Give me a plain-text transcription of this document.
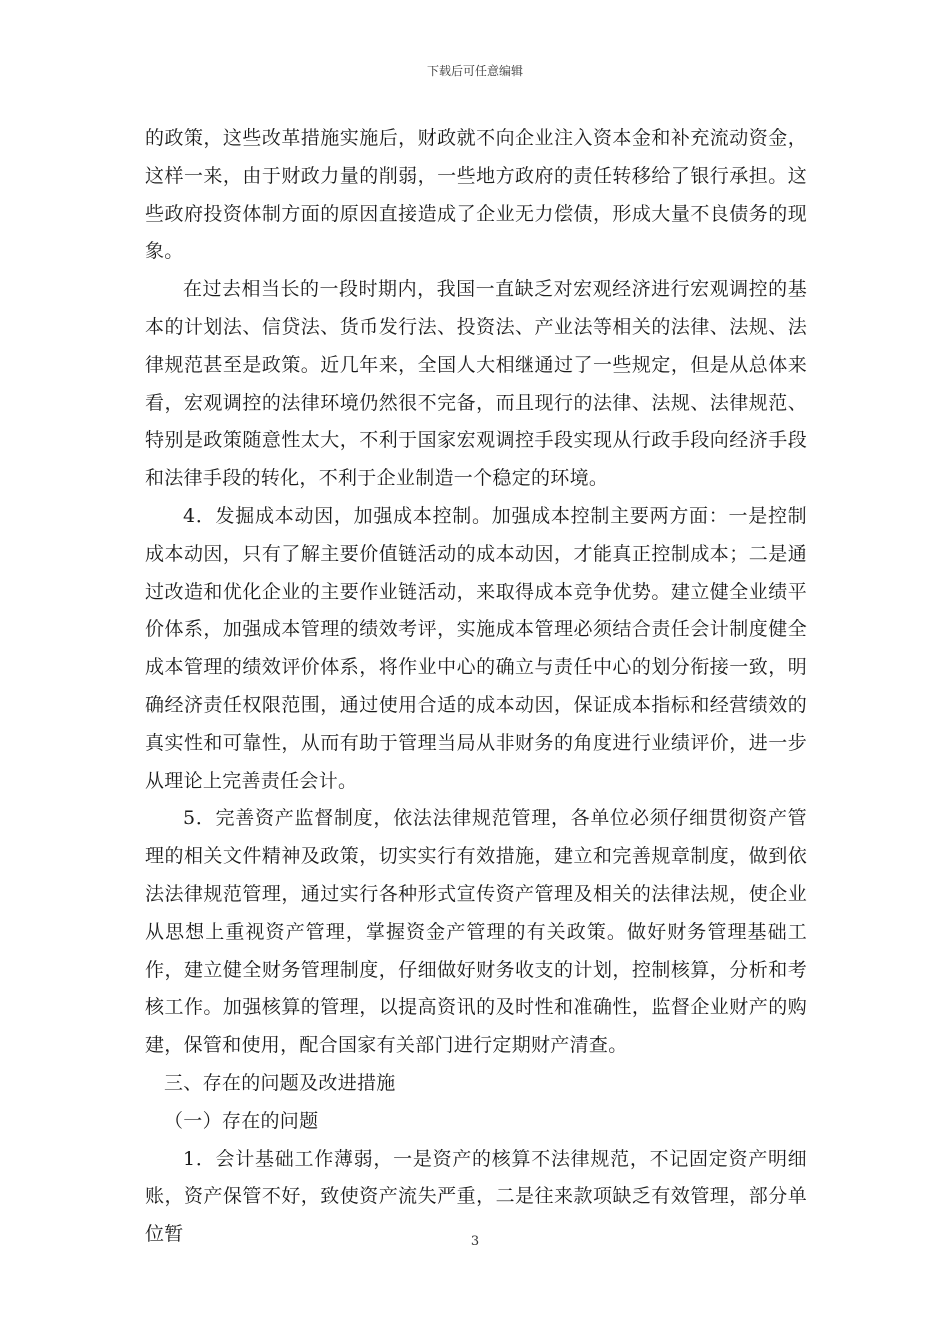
下载后可任意编辑

的政策，这些改革措施实施后，财政就不向企业注入资本金和补充流动资金，这样一来，由于财政力量的削弱，一些地方政府的责任转移给了银行承担。这些政府投资体制方面的原因直接造成了企业无力偿债，形成大量不良债务的现象。

在过去相当长的一段时期内，我国一直缺乏对宏观经济进行宏观调控的基本的计划法、信贷法、货币发行法、投资法、产业法等相关的法律、法规、法律规范甚至是政策。近几年来，全国人大相继通过了一些规定，但是从总体来看，宏观调控的法律环境仍然很不完备，而且现行的法律、法规、法律规范、特别是政策随意性太大，不利于国家宏观调控手段实现从行政手段向经济手段和法律手段的转化，不利于企业制造一个稳定的环境。

4．发掘成本动因，加强成本控制。加强成本控制主要两方面：一是控制成本动因，只有了解主要价值链活动的成本动因，才能真正控制成本；二是通过改造和优化企业的主要作业链活动，来取得成本竞争优势。建立健全业绩平价体系，加强成本管理的绩效考评，实施成本管理必须结合责任会计制度健全成本管理的绩效评价体系，将作业中心的确立与责任中心的划分衔接一致，明确经济责任权限范围，通过使用合适的成本动因，保证成本指标和经营绩效的真实性和可靠性，从而有助于管理当局从非财务的角度进行业绩评价，进一步从理论上完善责任会计。

5．完善资产监督制度，依法法律规范管理，各单位必须仔细贯彻资产管理的相关文件精神及政策，切实实行有效措施，建立和完善规章制度，做到依法法律规范管理，通过实行各种形式宣传资产管理及相关的法律法规，使企业从思想上重视资产管理，掌握资金产管理的有关政策。做好财务管理基础工作，建立健全财务管理制度，仔细做好财务收支的计划，控制核算，分析和考核工作。加强核算的管理，以提高资讯的及时性和准确性，监督企业财产的购建，保管和使用，配合国家有关部门进行定期财产清查。

三、存在的问题及改进措施

（一）存在的问题

1．会计基础工作薄弱，一是资产的核算不法律规范，不记固定资产明细账，资产保管不好，致使资产流失严重，二是往来款项缺乏有效管理，部分单位暂	3
